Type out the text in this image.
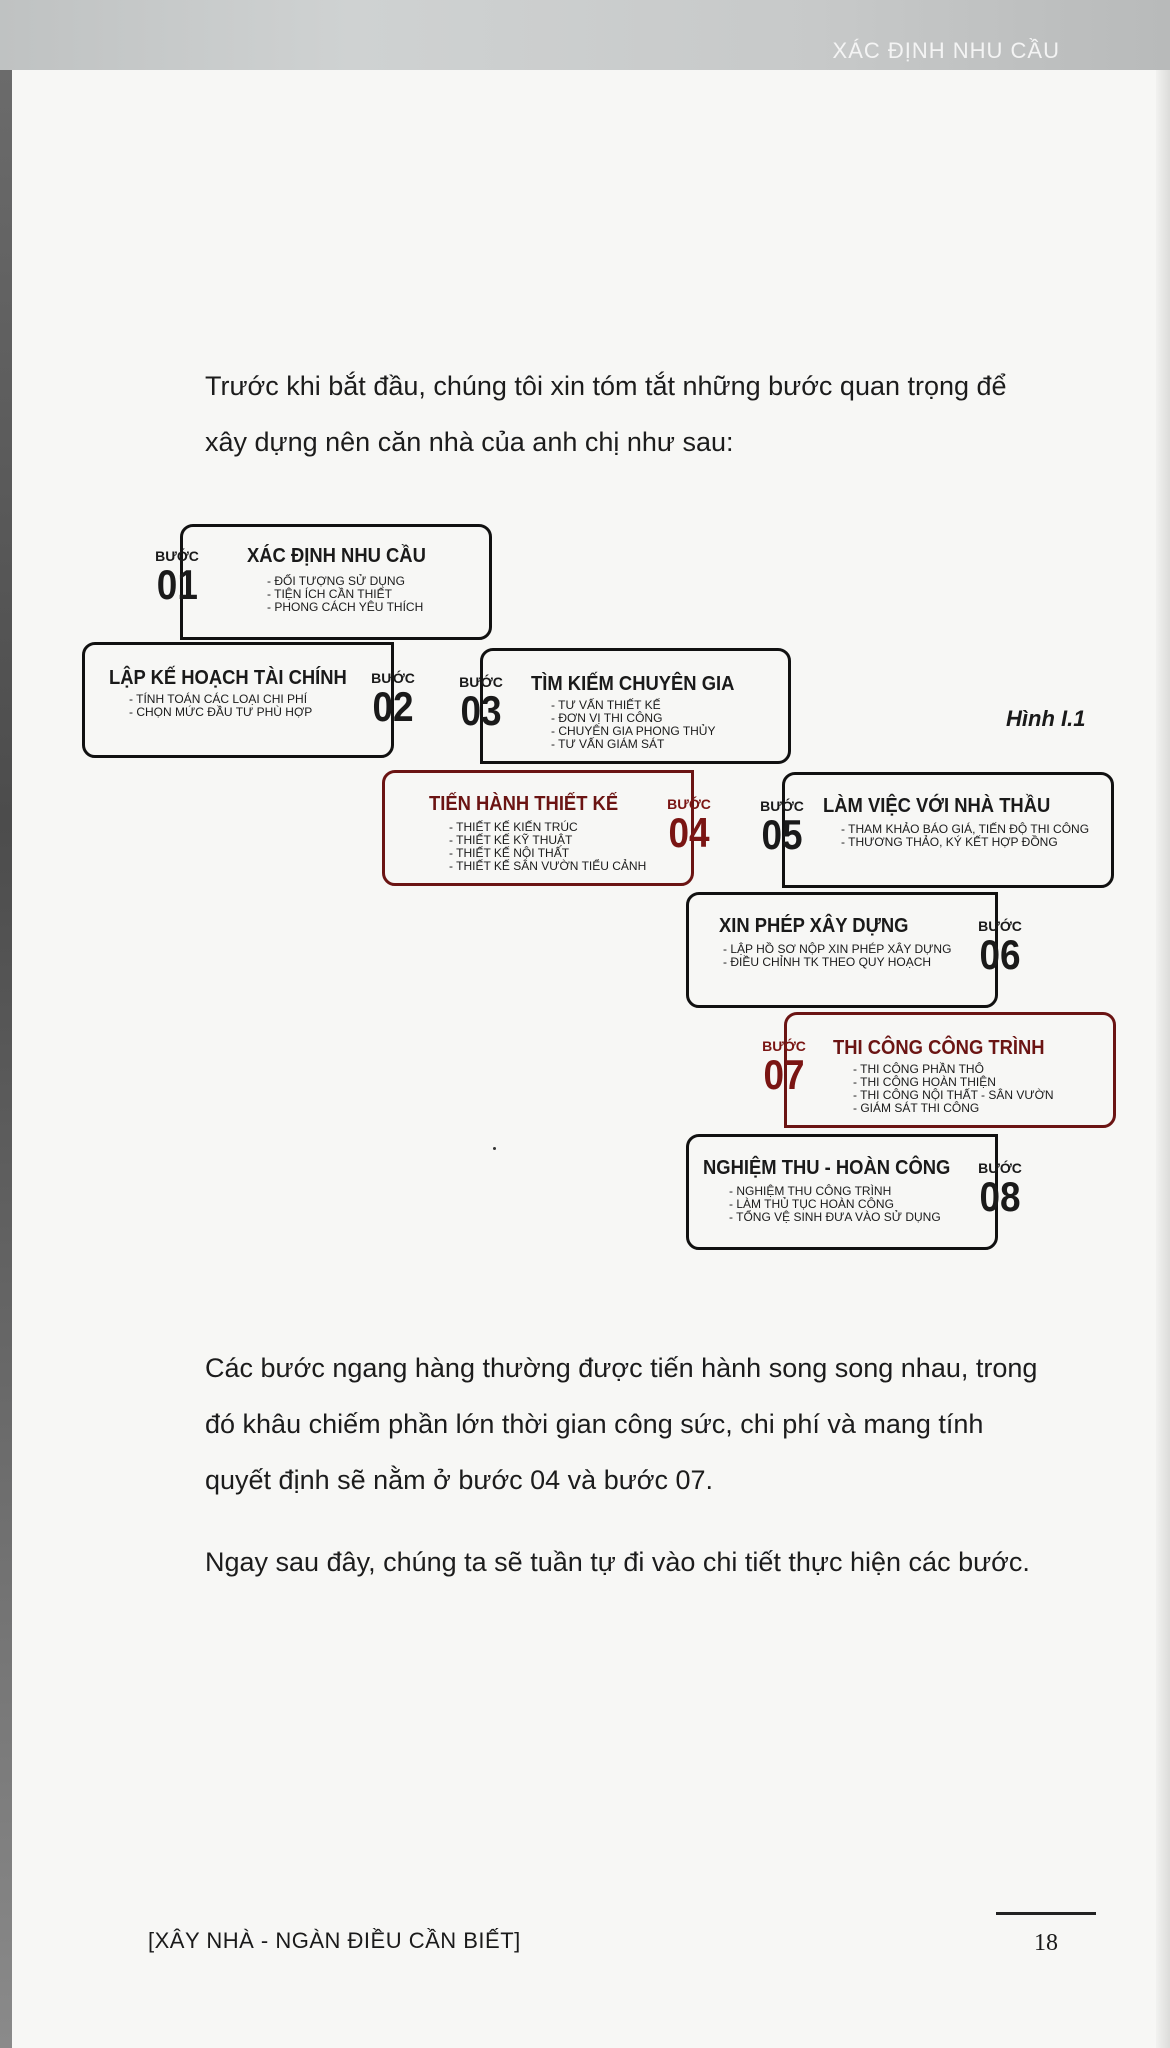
XÁC ĐỊNH NHU CẦU

Trước khi bắt đầu, chúng tôi xin tóm tắt những bước quan trọng để xây dựng nên căn nhà của anh chị như sau:

XÁC ĐỊNH NHU CẦU
- ĐỐI TƯỢNG SỬ DỤNG
- TIỆN ÍCH CẦN THIẾT
- PHONG CÁCH YÊU THÍCH
BƯỚC
01
LẬP KẾ HOẠCH TÀI CHÍNH
- TÍNH TOÁN CÁC LOẠI CHI PHÍ
- CHỌN MỨC ĐẦU TƯ PHÙ HỢP
BƯỚC
02	TÌM KIẾM CHUYÊN GIA
- TƯ VẤN THIẾT KẾ
- ĐƠN VỊ THI CÔNG
- CHUYÊN GIA PHONG THỦY
- TƯ VẤN GIÁM SÁT
BƯỚC
03	Hình I.1
TIẾN HÀNH THIẾT KẾ
- THIẾT KẾ KIẾN TRÚC
- THIẾT KẾ KỸ THUẬT
- THIẾT KẾ NỘI THẤT
- THIẾT KẾ SÂN VƯỜN TIỂU CẢNH
BƯỚC
04
LÀM VIỆC VỚI NHÀ THẦU
- THAM KHẢO BÁO GIÁ, TIẾN ĐỘ THI CÔNG
- THƯƠNG THẢO, KÝ KẾT HỢP ĐỒNG
BƯỚC
05
XIN PHÉP XÂY DỰNG
- LẬP HỒ SƠ NỘP XIN PHÉP XÂY DỰNG
- ĐIỀU CHỈNH TK THEO QUY HOẠCH
BƯỚC
06
THI CÔNG CÔNG TRÌNH
- THI CÔNG PHẦN THÔ
- THI CÔNG HOÀN THIỆN
- THI CÔNG NỘI THẤT - SÂN VƯỜN
- GIÁM SÁT THI CÔNG
BƯỚC
07
NGHIỆM THU - HOÀN CÔNG
- NGHIỆM THU CÔNG TRÌNH
- LÀM THỦ TỤC HOÀN CÔNG
- TỔNG VỆ SINH ĐƯA VÀO SỬ DỤNG
BƯỚC
08

Các bước ngang hàng thường được tiến hành song song nhau, trong đó khâu chiếm phần lớn thời gian công sức, chi phí và mang tính quyết định sẽ nằm ở bước 04 và bước 07.

Ngay sau đây, chúng ta sẽ tuần tự đi vào chi tiết thực hiện các bước.

[XÂY NHÀ - NGÀN ĐIỀU CẦN BIẾT]	18
